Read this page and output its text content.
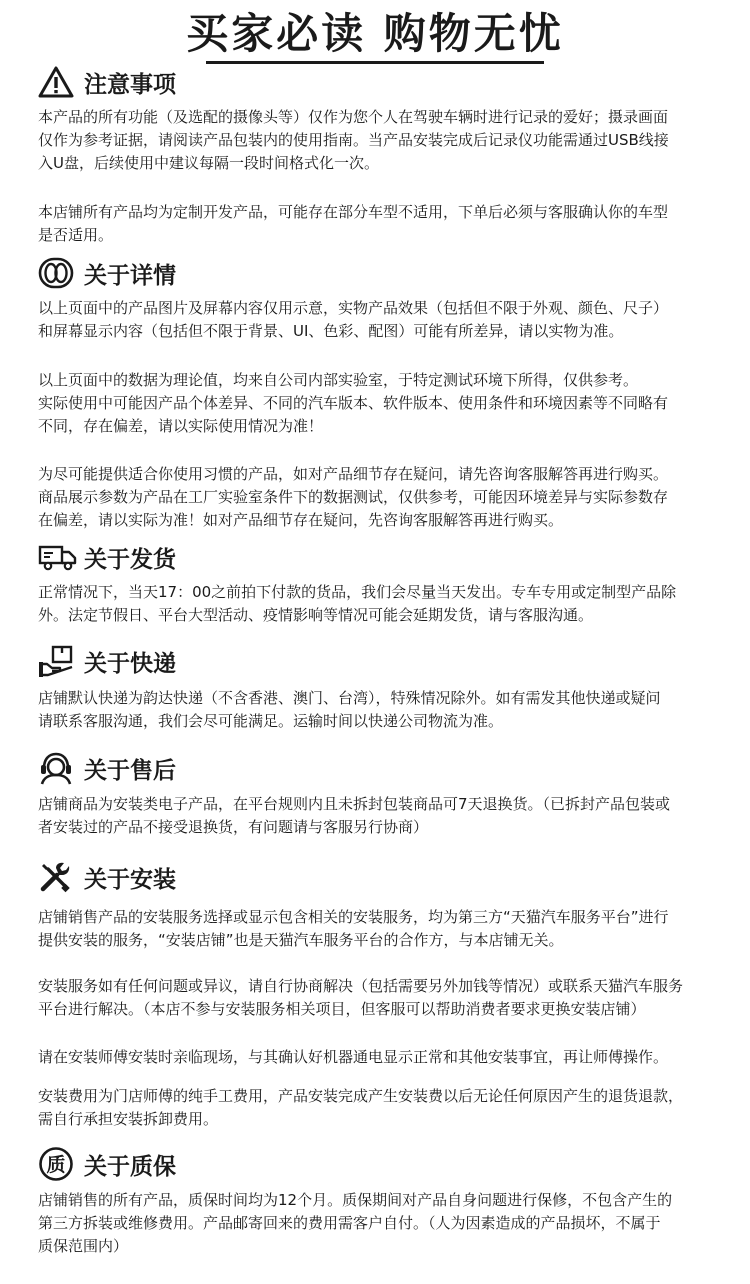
买家必读 购物无忧
注意事项
本产品的所有功能（及选配的摄像头等）仅作为您个人在驾驶车辆时进行记录的爱好；摄录画面
仅作为参考证据，请阅读产品包装内的使用指南。当产品安装完成后记录仪功能需通过USB线接
入U盘，后续使用中建议每隔一段时间格式化一次。
本店铺所有产品均为定制开发产品，可能存在部分车型不适用，下单后必须与客服确认你的车型
是否适用。
关于详情
以上页面中的产品图片及屏幕内容仅用示意，实物产品效果（包括但不限于外观、颜色、尺子）
和屏幕显示内容（包括但不限于背景、UI、色彩、配图）可能有所差异，请以实物为准。
以上页面中的数据为理论值，均来自公司内部实验室，于特定测试环境下所得，仅供参考。
实际使用中可能因产品个体差异、不同的汽车版本、软件版本、使用条件和环境因素等不同略有
不同，存在偏差，请以实际使用情况为准！
为尽可能提供适合你使用习惯的产品，如对产品细节存在疑问，请先咨询客服解答再进行购买。
商品展示参数为产品在工厂实验室条件下的数据测试，仅供参考，可能因环境差异与实际参数存
在偏差，请以实际为准！如对产品细节存在疑问，先咨询客服解答再进行购买。
关于发货
正常情况下，当天17：00之前拍下付款的货品，我们会尽量当天发出。专车专用或定制型产品除
外。法定节假日、平台大型活动、疫情影响等情况可能会延期发货，请与客服沟通。
关于快递
店铺默认快递为韵达快递（不含香港、澳门、台湾），特殊情况除外。如有需发其他快递或疑问
请联系客服沟通，我们会尽可能满足。运输时间以快递公司物流为准。
关于售后
店铺商品为安装类电子产品，在平台规则内且未拆封包装商品可7天退换货。（已拆封产品包装或
者安装过的产品不接受退换货，有问题请与客服另行协商）
关于安装
店铺销售产品的安装服务选择或显示包含相关的安装服务，均为第三方“天猫汽车服务平台”进行
提供安装的服务，“安装店铺”也是天猫汽车服务平台的合作方，与本店铺无关。
安装服务如有任何问题或异议，请自行协商解决（包括需要另外加钱等情况）或联系天猫汽车服务
平台进行解决。（本店不参与安装服务相关项目，但客服可以帮助消费者要求更换安装店铺）
请在安装师傅安装时亲临现场，与其确认好机器通电显示正常和其他安装事宜，再让师傅操作。
安装费用为门店师傅的纯手工费用，产品安装完成产生安装费以后无论任何原因产生的退货退款，
需自行承担安装拆卸费用。
质 关于质保
店铺销售的所有产品，质保时间均为12个月。质保期间对产品自身问题进行保修，不包含产生的
第三方拆装或维修费用。产品邮寄回来的费用需客户自付。（人为因素造成的产品损坏，不属于
质保范围内）
